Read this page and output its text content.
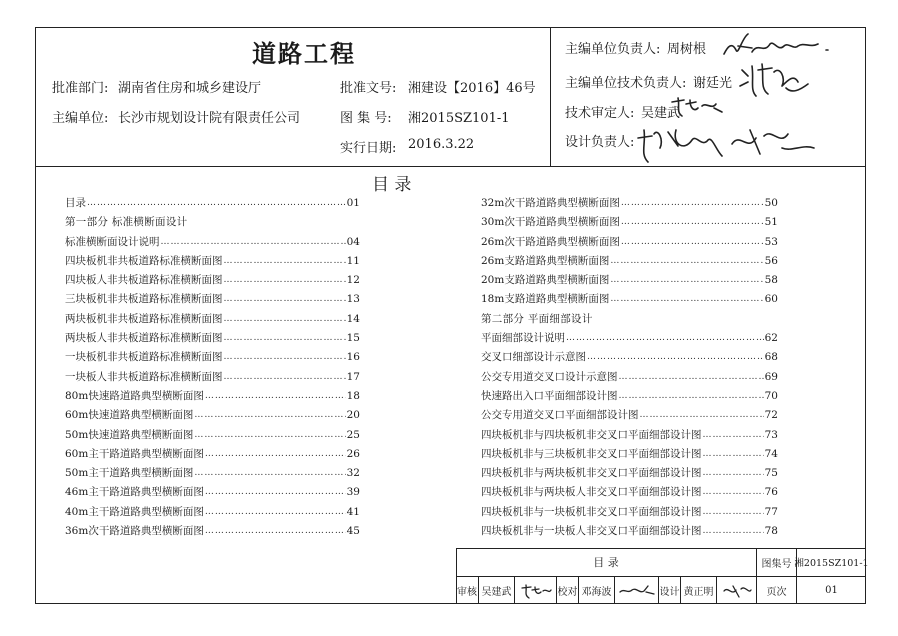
道路工程
批准部门: 湖南省住房和城乡建设厅
主编单位: 长沙市规划设计院有限责任公司
批准文号: 湘建设【2016】46号
图 集 号: 湘2015SZ101-1
实行日期: 2016.3.22
主编单位负责人: 周树根
主编单位技术负责人: 谢廷光
技术审定人: 吴建武
设计负责人:
目 录
目录 ……………………………………………………………………………………………………………………	01
第一部分 标准横断面设计
标准横断面设计说明 ……………………………………………………………………………………………………………………	04
四块板机非共板道路标准横断面图 ……………………………………………………………………………………………………………………	11
四块板人非共板道路标准横断面图 ……………………………………………………………………………………………………………………	12
三块板机非共板道路标准横断面图 ……………………………………………………………………………………………………………………	13
两块板机非共板道路标准横断面图 ……………………………………………………………………………………………………………………	14
两块板人非共板道路标准横断面图 ……………………………………………………………………………………………………………………	15
一块板机非共板道路标准横断面图 ……………………………………………………………………………………………………………………	16
一块板人非共板道路标准横断面图 ……………………………………………………………………………………………………………………	17
80m快速路道路典型横断面图 ……………………………………………………………………………………………………………………	18
60m快速道路典型横断面图 ……………………………………………………………………………………………………………………	20
50m快速道路典型横断面图 ……………………………………………………………………………………………………………………	25
60m主干路道路典型横断面图 ……………………………………………………………………………………………………………………	26
50m主干道路典型横断面图 ……………………………………………………………………………………………………………………	32
46m主干路道路典型横断面图 ……………………………………………………………………………………………………………………	39
40m主干路道路典型横断面图 ……………………………………………………………………………………………………………………	41
36m次干路道路典型横断面图 ……………………………………………………………………………………………………………………	45
32m次干路道路典型横断面图 ……………………………………………………………………………………………………………………	50
30m次干路道路典型横断面图 ……………………………………………………………………………………………………………………	51
26m次干路道路典型横断面图 ……………………………………………………………………………………………………………………	53
26m支路道路典型横断面图 ……………………………………………………………………………………………………………………	56
20m支路道路典型横断面图 ……………………………………………………………………………………………………………………	58
18m支路道路典型横断面图 ……………………………………………………………………………………………………………………	60
第二部分 平面细部设计
平面细部设计说明 ……………………………………………………………………………………………………………………	62
交叉口细部设计示意图 ……………………………………………………………………………………………………………………	68
公交专用道交叉口设计示意图 ……………………………………………………………………………………………………………………	69
快速路出入口平面细部设计图 ……………………………………………………………………………………………………………………	70
公交专用道交叉口平面细部设计图 ……………………………………………………………………………………………………………………	72
四块板机非与四块板机非交叉口平面细部设计图 ……………………………………………………………………………………………………………………	73
四块板机非与三块板机非交叉口平面细部设计图 ……………………………………………………………………………………………………………………	74
四块板机非与两块板机非交叉口平面细部设计图 ……………………………………………………………………………………………………………………	75
四块板机非与两块板人非交叉口平面细部设计图 ……………………………………………………………………………………………………………………	76
四块板机非与一块板机非交叉口平面细部设计图 ……………………………………………………………………………………………………………………	77
四块板机非与一块板人非交叉口平面细部设计图 ……………………………………………………………………………………………………………………	78
目 录	图集号 湘2015SZ101-1
审核 吴建武	校对 邓海波	设计 黄正明	页次	01
